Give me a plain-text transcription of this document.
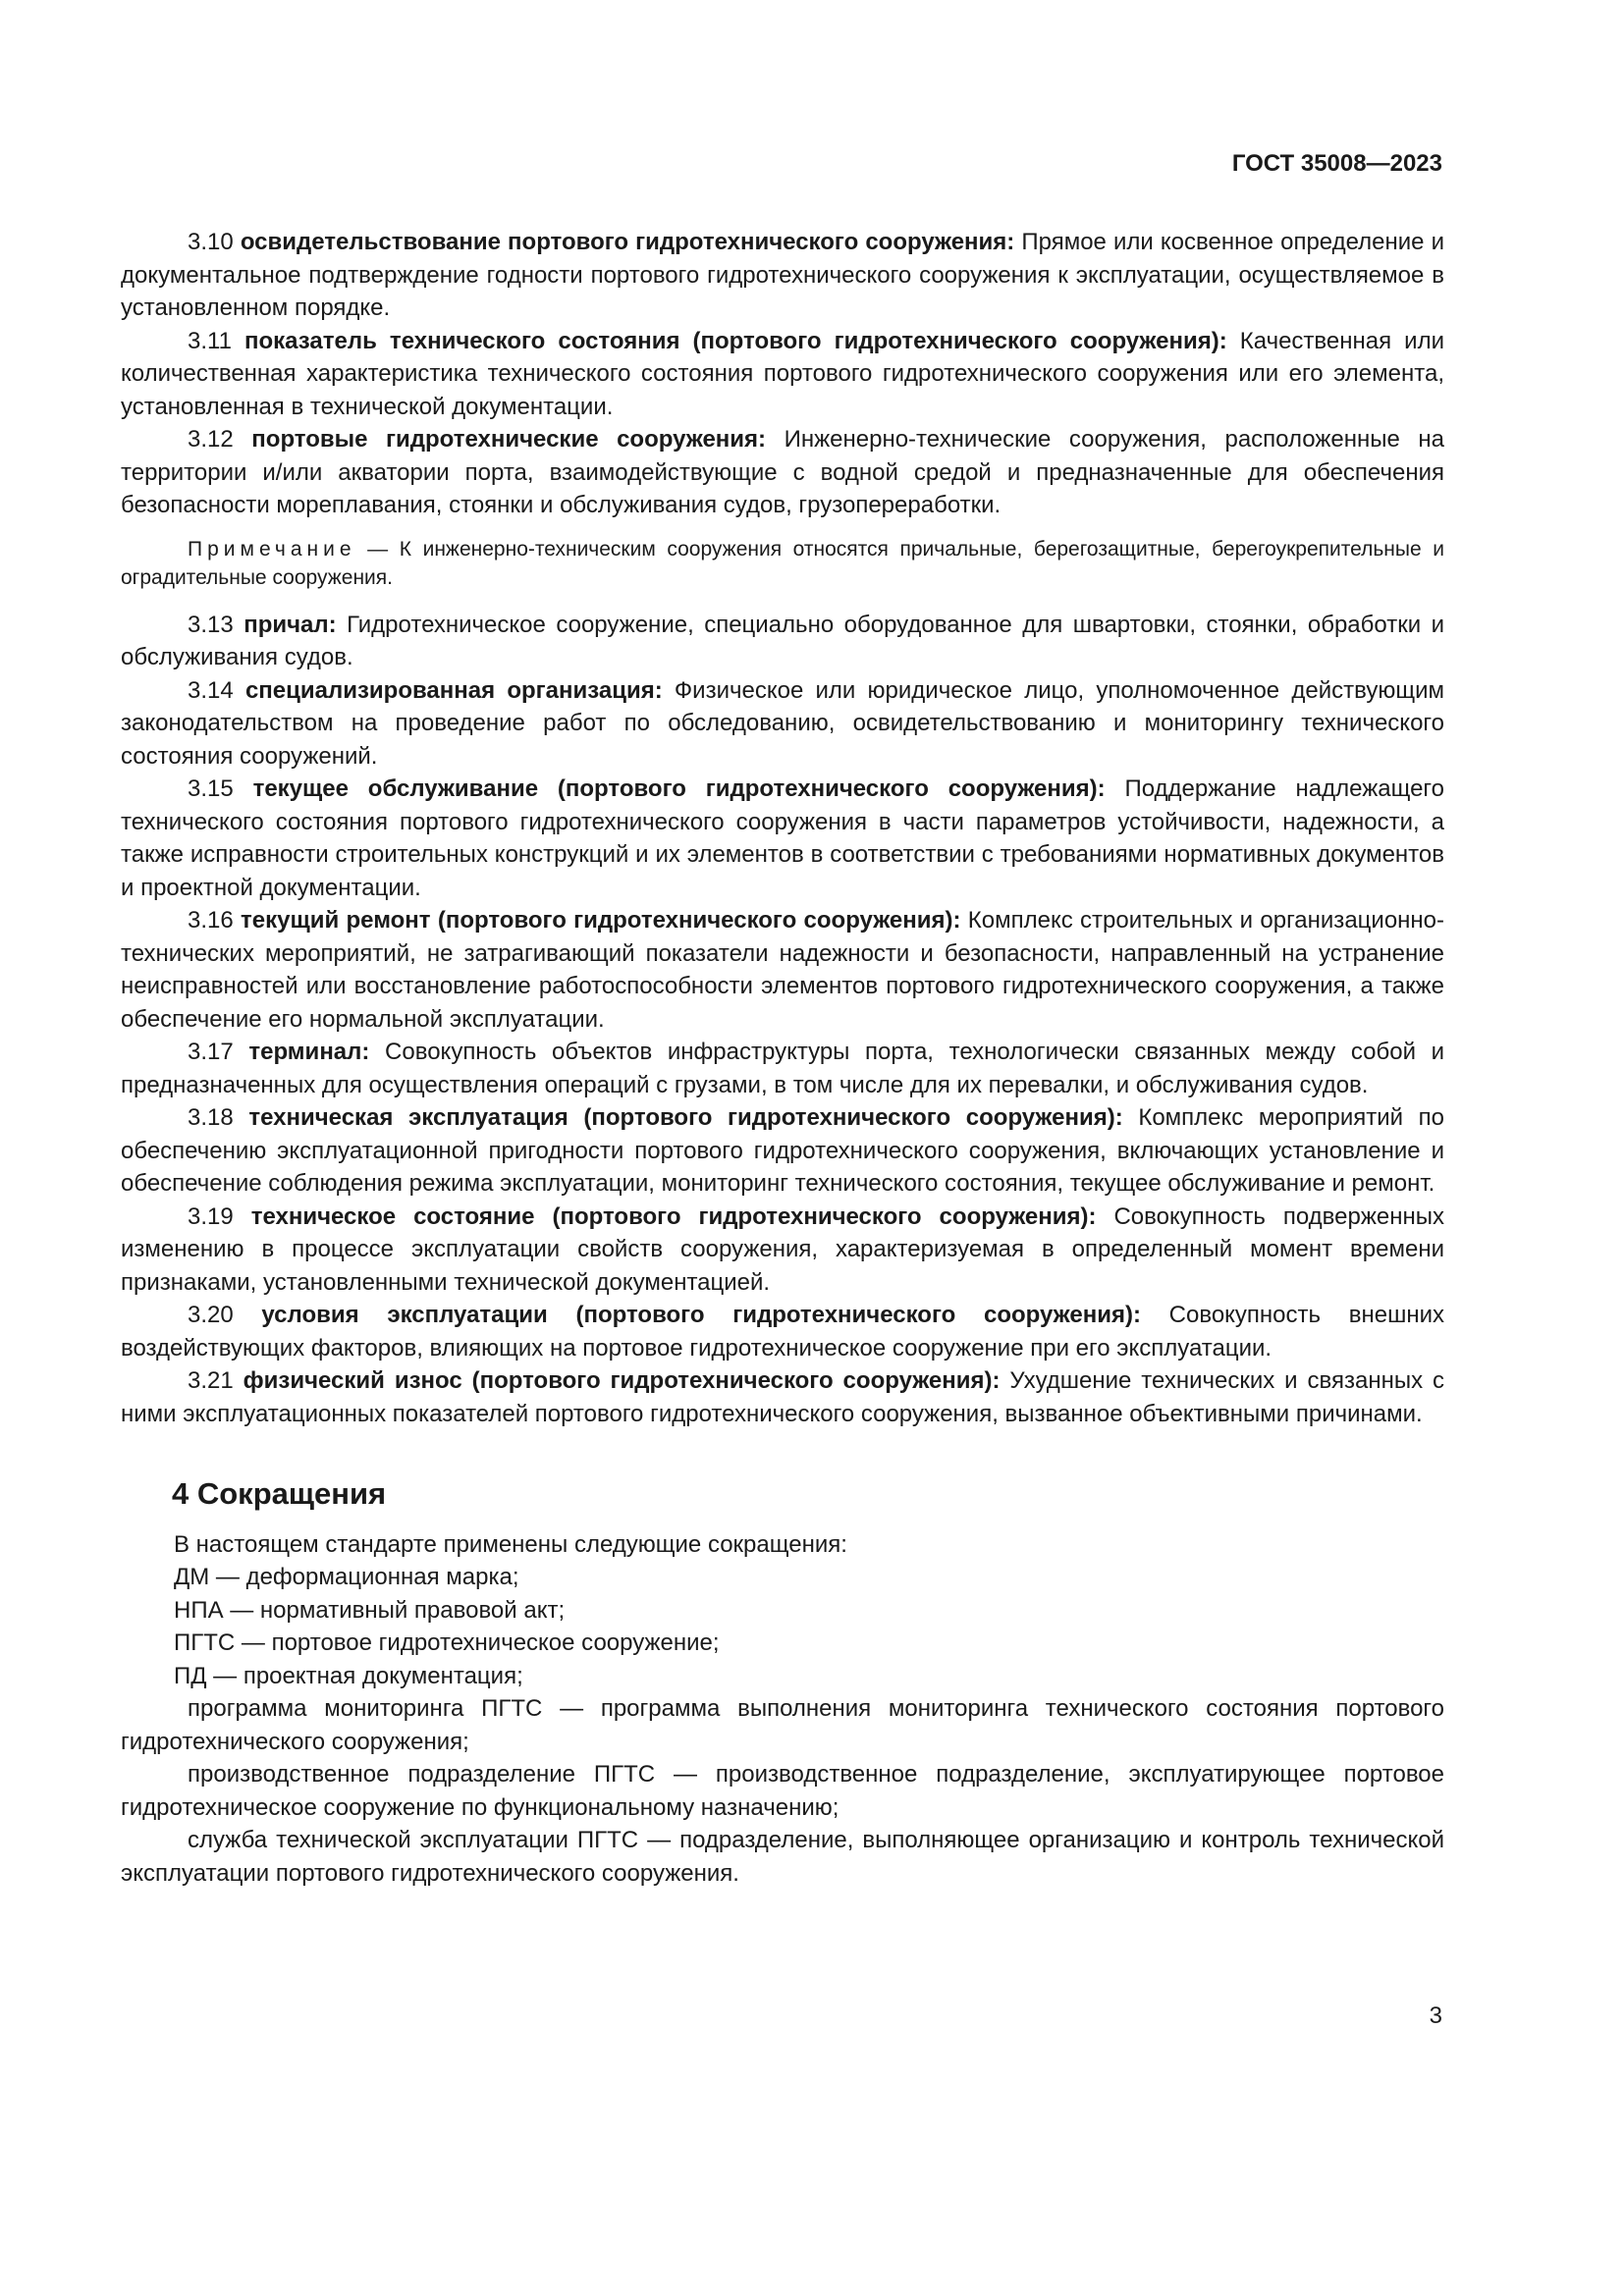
ГОСТ 35008—2023

3.10 освидетельствование портового гидротехнического сооружения: Прямое или косвенное определение и документальное подтверждение годности портового гидротехнического сооружения к эксплуатации, осуществляемое в установленном порядке.

3.11 показатель технического состояния (портового гидротехнического сооружения): Качественная или количественная характеристика технического состояния портового гидротехнического сооружения или его элемента, установленная в технической документации.

3.12 портовые гидротехнические сооружения: Инженерно-технические сооружения, расположенные на территории и/или акватории порта, взаимодействующие с водной средой и предназначенные для обеспечения безопасности мореплавания, стоянки и обслуживания судов, грузопереработки.

Примечание — К инженерно-техническим сооружения относятся причальные, берегозащитные, берегоукрепительные и оградительные сооружения.

3.13 причал: Гидротехническое сооружение, специально оборудованное для швартовки, стоянки, обработки и обслуживания судов.

3.14 специализированная организация: Физическое или юридическое лицо, уполномоченное действующим законодательством на проведение работ по обследованию, освидетельствованию и мониторингу технического состояния сооружений.

3.15 текущее обслуживание (портового гидротехнического сооружения): Поддержание надлежащего технического состояния портового гидротехнического сооружения в части параметров устойчивости, надежности, а также исправности строительных конструкций и их элементов в соответствии с требованиями нормативных документов и проектной документации.

3.16 текущий ремонт (портового гидротехнического сооружения): Комплекс строительных и организационно-технических мероприятий, не затрагивающий показатели надежности и безопасности, направленный на устранение неисправностей или восстановление работоспособности элементов портового гидротехнического сооружения, а также обеспечение его нормальной эксплуатации.

3.17 терминал: Совокупность объектов инфраструктуры порта, технологически связанных между собой и предназначенных для осуществления операций с грузами, в том числе для их перевалки, и обслуживания судов.

3.18 техническая эксплуатация (портового гидротехнического сооружения): Комплекс мероприятий по обеспечению эксплуатационной пригодности портового гидротехнического сооружения, включающих установление и обеспечение соблюдения режима эксплуатации, мониторинг технического состояния, текущее обслуживание и ремонт.

3.19 техническое состояние (портового гидротехнического сооружения): Совокупность подверженных изменению в процессе эксплуатации свойств сооружения, характеризуемая в определенный момент времени признаками, установленными технической документацией.

3.20 условия эксплуатации (портового гидротехнического сооружения): Совокупность внешних воздействующих факторов, влияющих на портовое гидротехническое сооружение при его эксплуатации.

3.21 физический износ (портового гидротехнического сооружения): Ухудшение технических и связанных с ними эксплуатационных показателей портового гидротехнического сооружения, вызванное объективными причинами.

4 Сокращения

В настоящем стандарте применены следующие сокращения:

ДМ — деформационная марка;

НПА — нормативный правовой акт;

ПГТС — портовое гидротехническое сооружение;

ПД — проектная документация;

программа мониторинга ПГТС — программа выполнения мониторинга технического состояния портового гидротехнического сооружения;

производственное подразделение ПГТС — производственное подразделение, эксплуатирующее портовое гидротехническое сооружение по функциональному назначению;

служба технической эксплуатации ПГТС — подразделение, выполняющее организацию и контроль технической эксплуатации портового гидротехнического сооружения.

3
